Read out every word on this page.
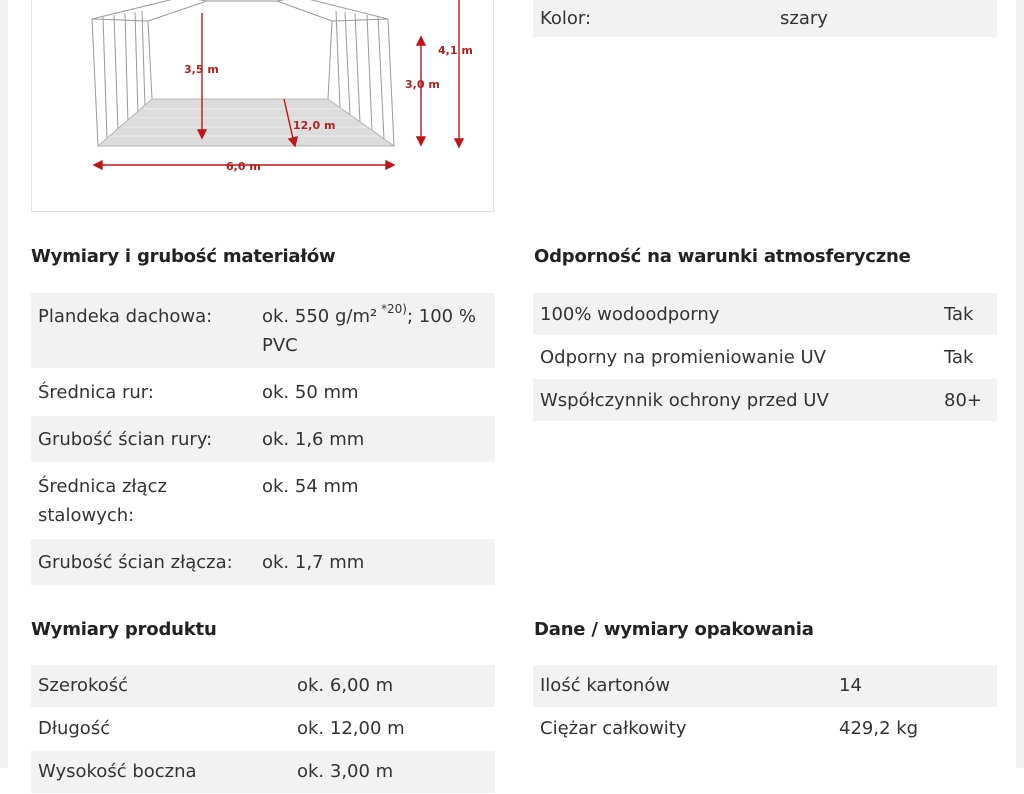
3,5 m
4,1 m
3,0 m
12,0 m
6,0 m
Kolor:	szary
Wymiary i grubość materiałów
Plandeka dachowa:	ok. 550 g/m² $^{*20)}$; 100 % PVC
Średnica rur:	ok. 50 mm
Grubość ścian rury:	ok. 1,6 mm
Średnica złącz stalowych:	ok. 54 mm
Grubość ścian złącza:	ok. 1,7 mm
Odporność na warunki atmosferyczne
100% wodoodporny	Tak
Odporny na promieniowanie UV	Tak
Współczynnik ochrony przed UV	80+
Wymiary produktu
Szerokość	ok. 6,00 m
Długość	ok. 12,00 m
Wysokość boczna	ok. 3,00 m
Dane / wymiary opakowania
Ilość kartonów	14
Ciężar całkowity	429,2 kg
